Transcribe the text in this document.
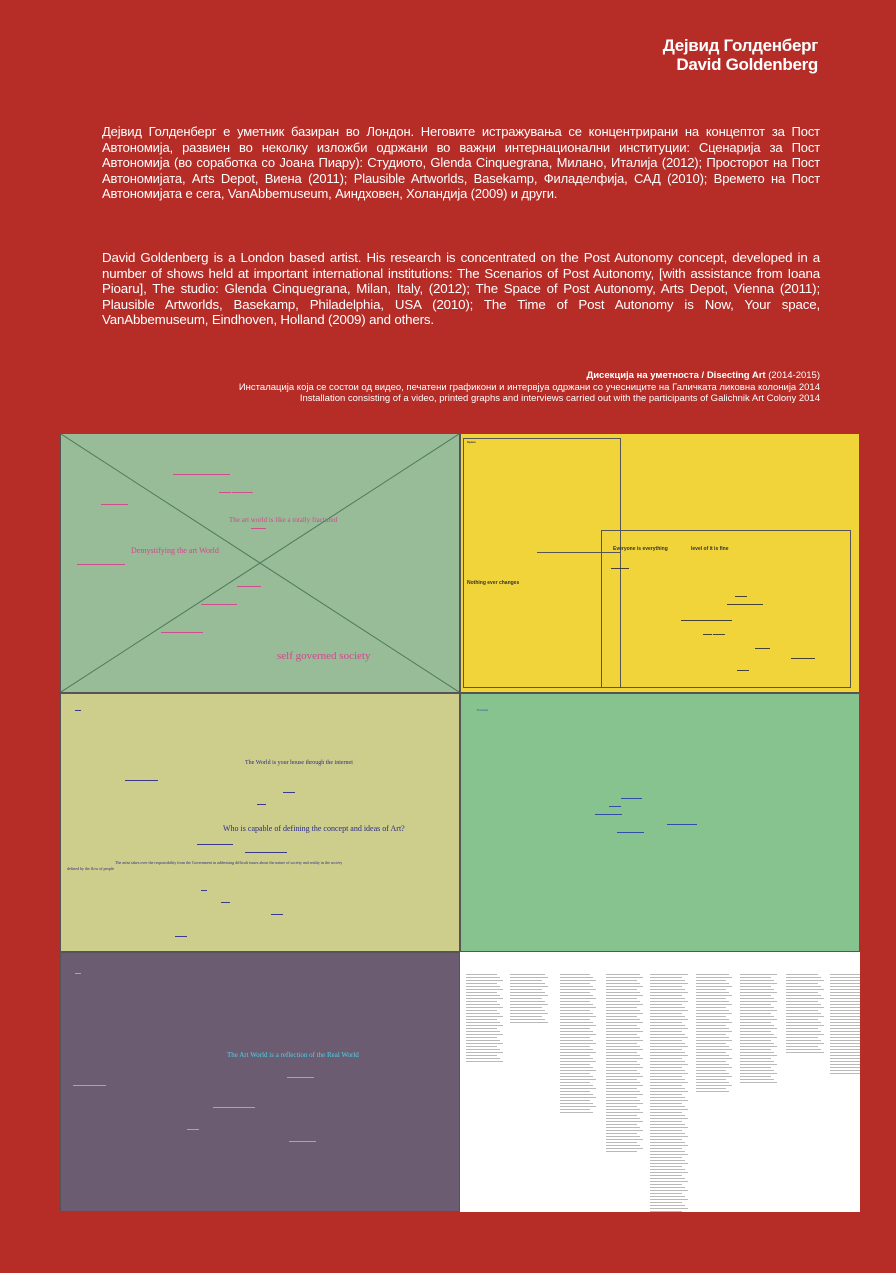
Дејвид Голденберг
David Goldenberg
Дејвид Голденберг е уметник базиран во Лондон. Неговите истражувања се концентрирани на концептот за Пост Автономија, развиен во неколку изложби одржани во важни интернационални институции: Сценарија за Пост Автономија (во соработка со Јоана Пиару): Студиото, Glenda Cinquegrana, Милано, Италија (2012); Просторот на Пост Автономијата, Arts Depot, Виена (2011); Plausible Artworlds, Basekamp, Филаделфија, САД (2010); Времето на Пост Автономијата е сега, VanAbbemuseum, Аиндховен, Холандија (2009) и други.
David Goldenberg is a London based artist. His research is concentrated on the Post Autonomy concept, developed in a number of shows held at important international institutions: The Scenarios of Post Autonomy, [with assistance from Ioana Pioaru], The studio: Glenda Cinquegrana, Milan, Italy, (2012); The Space of Post Autonomy, Arts Depot, Vienna (2011); Plausible Artworlds, Basekamp, Philadelphia, USA (2010); The Time of Post Autonomy is Now, Your space, VanAbbemuseum, Eindhoven, Holland (2009) and others.
Дисекција на уметноста / Disecting Art (2014-2015)
Инсталација која се состои од видео, печатени графикони и интервјуа одржани со учесниците на Галичката ликовна колонија 2014
Installation consisting of a video, printed graphs and interviews carried out with the participants of Galichnik Art Colony 2014
▬▬▬▬▬▬▬▬▬▬▬▬▬▬▬▬▬▬▬
▬▬▬▬ ▬▬▬▬▬▬▬
▬▬▬▬▬▬▬▬▬
The art world is like a totally fractured
▬▬▬▬▬
Demystifying the art World
▬▬▬▬▬▬▬▬▬▬▬▬▬▬▬▬
▬▬▬▬▬▬▬▬
▬▬▬▬▬▬▬▬▬▬▬▬
▬▬▬▬▬▬▬▬▬▬▬▬▬▬
self governed society
Space
Nothing ever changes
Everyone is everything	level of it is fine
▬▬▬▬▬▬
▬▬▬▬
▬▬▬▬▬▬▬▬▬▬▬▬
▬▬▬▬▬▬▬▬▬▬▬▬▬▬▬▬▬
▬▬▬ ▬▬▬▬
▬▬▬▬▬
▬▬▬▬▬▬▬▬
▬▬▬▬
▬▬
The World is your house through the internet
▬▬▬▬▬▬▬▬▬▬▬
▬▬▬▬
▬▬▬
Who is capable of defining the concept and ideas of Art?
▬▬▬▬▬▬▬▬▬▬▬▬
▬▬▬▬▬▬▬▬▬▬▬▬▬▬
The artist takes over the responsibility from the Government in addressing difficult issues about the nature of society and reality in the society
defined by the flow of people
▬▬
▬▬▬
▬▬▬▬
▬▬▬▬
Fractions
▬▬▬▬▬▬▬
▬▬▬▬
▬▬▬▬▬▬▬▬▬
▬▬▬▬▬▬▬▬▬▬
▬▬▬▬▬▬▬▬▬
▬▬
The Art World is a reflection of the Real World
▬▬▬▬▬▬▬▬▬
▬▬▬▬▬▬▬▬▬▬▬
▬▬▬▬▬▬▬▬▬▬▬▬▬▬
▬▬▬▬
▬▬▬▬▬▬▬▬▬
